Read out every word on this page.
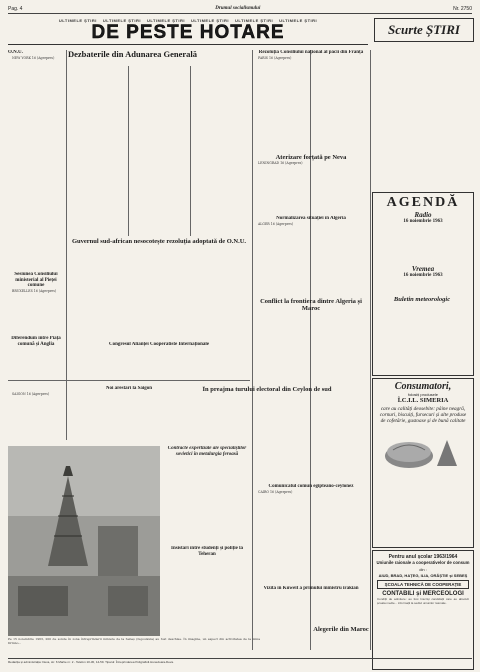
Pag. 4	Drumul socialismului	Nr. 2750
ULTIMELE ȘTIRI ULTIMELE ȘTIRI ULTIMELE ȘTIRI ULTIMELE ȘTIRI ULTIMELE ȘTIRI ULTIMELE ȘTIRI
DE PESTE HOTARE	Scurte ȘTIRI
O.N.U.

NEW YORK 16 (Agerpres)	Dezbaterile din Adunarea Generală
Sesiunea Consiliului ministerial al Pieței comune

BRUXELLES 16 (Agerpres)

Diferendum între Piața comună și Anglia
Guvernul sud-african nesocotește rezoluția adoptată de O.N.U.
Congresul Alianței Cooperatiste Internaționale
Noi arestări la Saigon

SAIGON 16 (Agerpres)

Contracte expertizate ale specialiștilor sovietici în metalurgia feroasă
Insistări între studenți și poliție la Teheran
Pe 15 noiembrie 1963, 200 de sonde în zona întreprinderii miniere de la Sebeș (Iugoslavia) au fost deschise. În imagine, un aspect din activitatea de la mina Drmno...
În preajma turului electoral din Ceylon de sud
Rezoluția Consiliului național al păcii din Franța

PARIS 16 (Agerpres)

Aterizare forțată pe Neva

LENINGRAD 16 (Agerpres)

Normalizarea situației în Algeria

ALGER 16 (Agerpres)

Conflict la frontiera dintre Algeria și Maroc
Comunicatul comun egipteano-ceylonez

CAIRO 16 (Agerpres)

Vizita în Kuweit a primului ministru irakian
Alegerile din Maroc
AGENDĂ
Radio
16 noiembrie 1963
Vremea
16 noiembrie 1963
Buletin meteorologic
Consumatori,
folosiți produsele
Î.C.I.L. SIMERIA
care au calități deosebite: pâine neagră, cornuri, biscuiți, fursecuri și alte produse de cofetărie, gustoase și de bună calitate
Pentru anul școlar 1963/1964
Uniunile raionale a cooperativelor de consum
din :
AIUD, BRAD, HAȚEG, ILIA, ORĂȘTIE și SEBEȘ
ȘCOALA TEHNICĂ DE COOPERAȚIE
CONTABILI și MERCEOLOGI
Condiții de admitere: au fost înscriși candidații care au absolvit școala medie... informații la sediul uniunilor raionale.
Redacția și administrația: Deva, str. 6 Martie nr. 2 - Telefon 10-30, 14-59. Tiparul: Întreprinderea Poligrafică Hunedoara-Deva.
